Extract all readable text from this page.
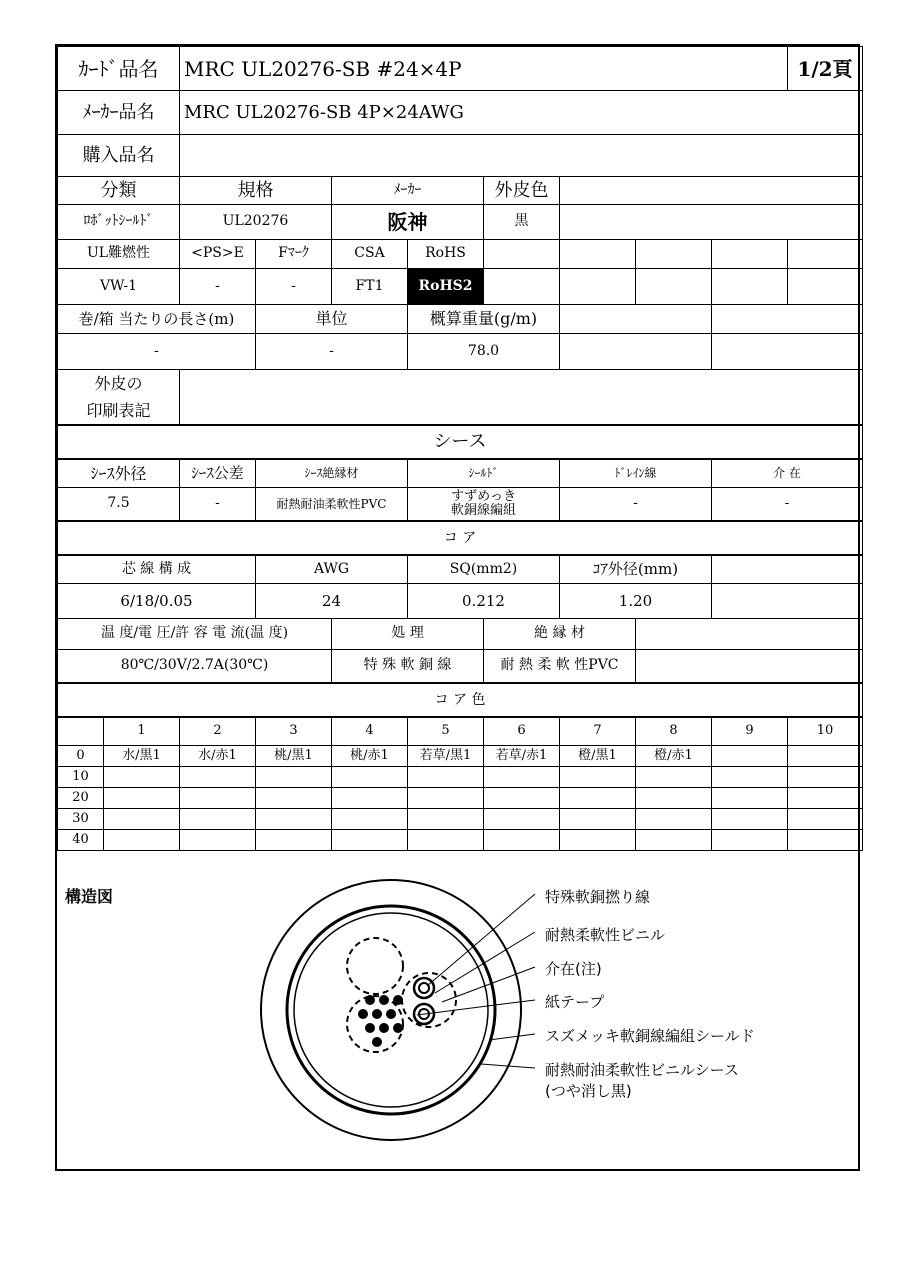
ｶｰﾄﾞ品名		MRC UL20276-SB #24×4P								1/2頁
ﾒｰｶｰ品名		MRC UL20276-SB 4P×24AWG								
購入品名										
分類		規格		ﾒｰｶｰ		外皮色				
ﾛﾎﾞｯﾄｼｰﾙﾄﾞ		UL20276		阪神		黒				
UL難燃性		<PS>E	Fﾏｰｸ	CSA	RoHS					
VW-1		-	-	FT1	RoHS2					
巻/箱 当たりの長さ(m)			単位		概算重量(g/m)					
-			-		78.0					

外皮の
印刷表記										

シース										
ｼｰｽ外径		ｼｰｽ公差	ｼｰｽ絶縁材		ｼｰﾙﾄﾞ		ﾄﾞﾚｲﾝ線		介 在	
7.5		-	耐熱耐油柔軟性PVC		すずめっき
軟銅線編組		-		-	
コ ア										
芯 線 構 成			AWG		SQ(mm2)		ｺｱ外径(mm)			
6/18/0.05			24		0.212		1.20			
温 度/電 圧/許 容 電 流(温 度)				処 理		絶 縁 材				
80℃/30V/2.7A(30℃)				特 殊 軟 銅 線		耐 熱 柔 軟 性PVC				
コ ア 色										
	1	2	3	4	5	6	7	8	9	10
0	水/黒1	水/赤1	桃/黒1	桃/赤1	若草/黒1	若草/赤1	橙/黒1	橙/赤1		
10										
20										
30										
40										
構造図	特殊軟銅撚り線
耐熱柔軟性ビニル
介在(注)
紙テープ
スズメッキ軟銅線編組シールド
耐熱耐油柔軟性ビニルシース
(つや消し黒)
